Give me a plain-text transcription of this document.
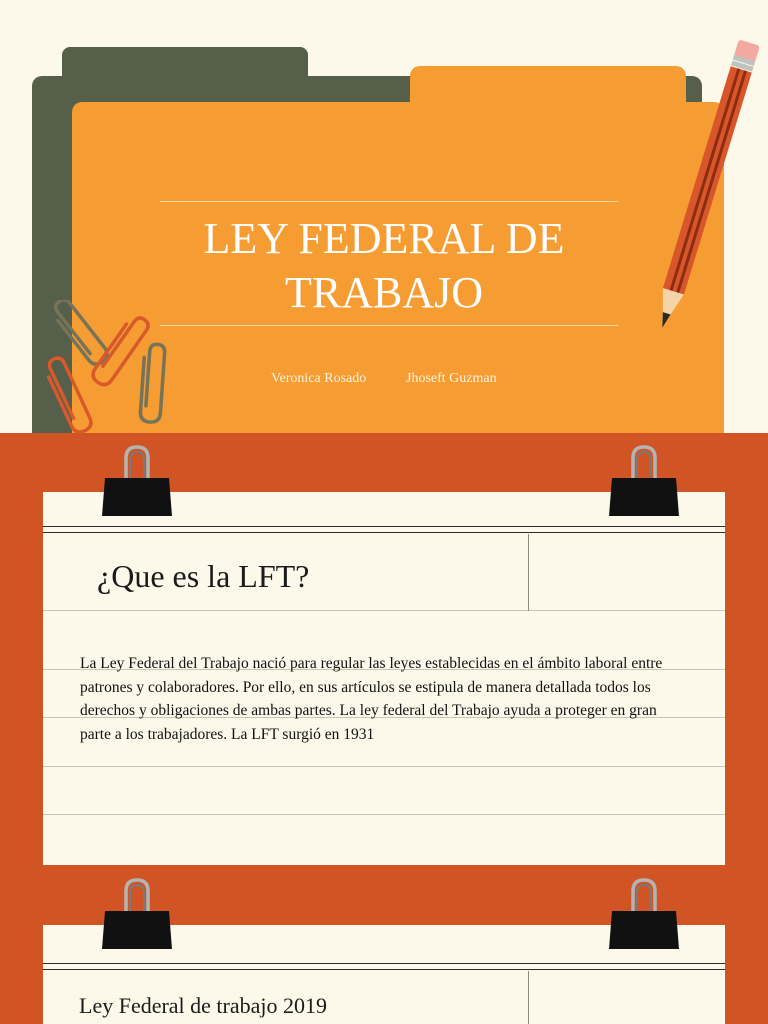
LEY FEDERAL DE
TRABAJO
Veronica Rosado	Jhoseft Guzman
¿Que es la LFT?

La Ley Federal del Trabajo nació para regular las leyes establecidas en el ámbito laboral entre patrones y colaboradores. Por ello, en sus artículos se estipula de manera detallada todos los derechos y obligaciones de ambas partes. La ley federal del Trabajo ayuda a proteger en gran parte a los trabajadores. La LFT surgió en 1931

Ley Federal de trabajo 2019
